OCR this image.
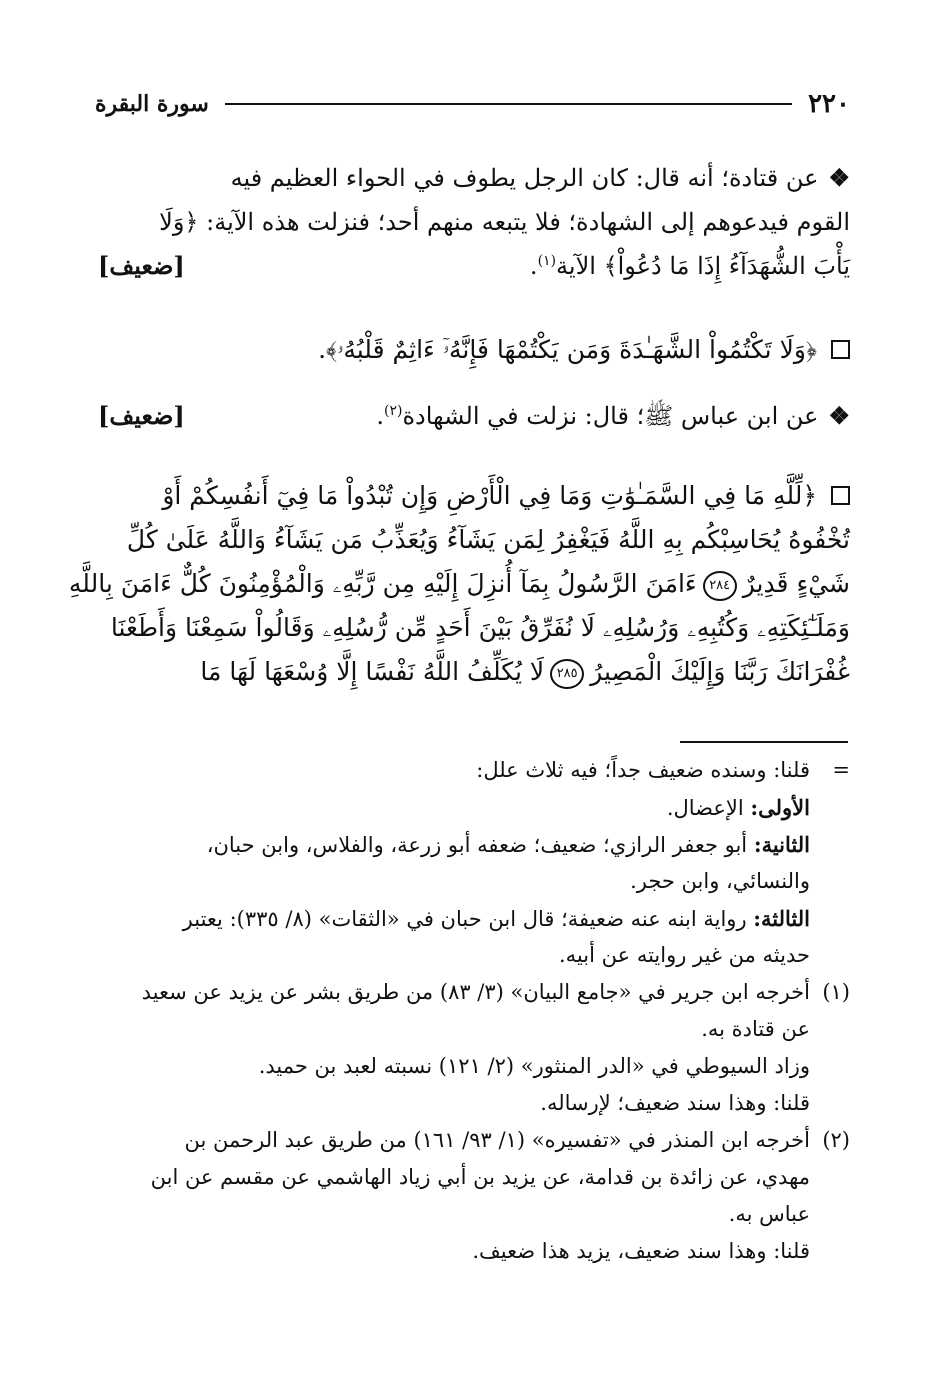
٢٢٠
سورة البقرة
❖عن قتادة؛ أنه قال: كان الرجل يطوف في الحواء العظيم فيه
القوم فيدعوهم إلى الشهادة؛ فلا يتبعه منهم أحد؛ فنزلت هذه الآية: ﴿وَلَا
يَأْبَ الشُّهَدَآءُ إِذَا مَا دُعُواْ﴾ الآية$^{(١)}$.
[ضعيف]
﴿وَلَا تَكْتُمُواْ الشَّهَـٰدَةَ وَمَن يَكْتُمْهَا فَإِنَّهُۥٓ ءَاثِمٌ قَلْبُهُۥ﴾.
❖عن ابن عباس ﷺ؛ قال: نزلت في الشهادة$^{(٢)}$.
[ضعيف]
﴿لِّلَّهِ مَا فِي السَّمَـٰوَٰتِ وَمَا فِي الْأَرْضِ وَإِن تُبْدُواْ مَا فِيٓ أَنفُسِكُمْ أَوْ
تُخْفُوهُ يُحَاسِبْكُم بِهِ اللَّهُ فَيَغْفِرُ لِمَن يَشَآءُ وَيُعَذِّبُ مَن يَشَآءُ وَاللَّهُ عَلَىٰ كُلِّ
شَيْءٍ قَدِيرٌ٢٨٤ءَامَنَ الرَّسُولُ بِمَآ أُنزِلَ إِلَيْهِ مِن رَّبِّهِۦ وَالْمُؤْمِنُونَ كُلٌّ ءَامَنَ بِاللَّهِ
وَمَلَـٰٓئِكَتِهِۦ وَكُتُبِهِۦ وَرُسُلِهِۦ لَا نُفَرِّقُ بَيْنَ أَحَدٍ مِّن رُّسُلِهِۦ وَقَالُواْ سَمِعْنَا وَأَطَعْنَا
غُفْرَانَكَ رَبَّنَا وَإِلَيْكَ الْمَصِيرُ٢٨٥لَا يُكَلِّفُ اللَّهُ نَفْسًا إِلَّا وُسْعَهَا لَهَا مَا
=قلنا: وسنده ضعيف جداً؛ فيه ثلاث علل:
الأولى: الإعضال.
الثانية: أبو جعفر الرازي؛ ضعيف؛ ضعفه أبو زرعة، والفلاس، وابن حبان،
والنسائي، وابن حجر.
الثالثة: رواية ابنه عنه ضعيفة؛ قال ابن حبان في «الثقات» (٨/ ٣٣٥): يعتبر
حديثه من غير روايته عن أبيه.
(١)أخرجه ابن جرير في «جامع البيان» (٣/ ٨٣) من طريق بشر عن يزيد عن سعيد
عن قتادة به.
وزاد السيوطي في «الدر المنثور» (٢/ ١٢١) نسبته لعبد بن حميد.
قلنا: وهذا سند ضعيف؛ لإرساله.
(٢)أخرجه ابن المنذر في «تفسيره» (١/ ٩٣/ ١٦١) من طريق عبد الرحمن بن
مهدي، عن زائدة بن قدامة، عن يزيد بن أبي زياد الهاشمي عن مقسم عن ابن
عباس به.
قلنا: وهذا سند ضعيف، يزيد هذا ضعيف.
